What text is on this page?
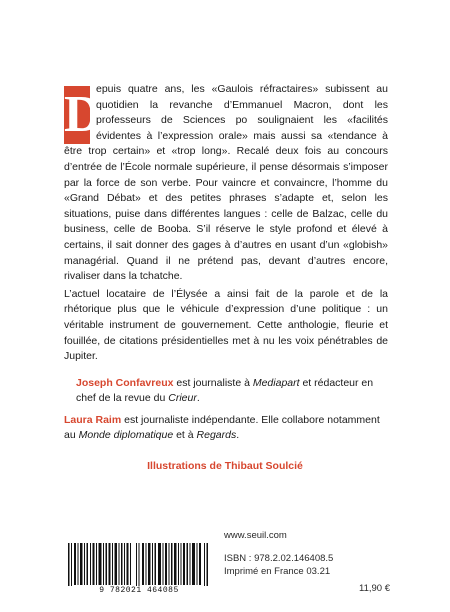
D
epuis quatre ans, les «Gaulois réfractaires» subissent au quotidien la revanche d’Emmanuel Macron, dont les professeurs de Sciences po soulignaient les «facilités évidentes à l’expression orale» mais aussi sa «tendance à être trop certain» et «trop long». Recalé deux fois au concours d’entrée de l’École normale supérieure, il pense désormais s’imposer par la force de son verbe. Pour vaincre et convaincre, l’homme du «Grand Débat» et des petites phrases s’adapte et, selon les situations, puise dans différentes langues : celle de Balzac, celle du business, celle de Booba. S’il réserve le style profond et élevé à certains, il sait donner des gages à d’autres en usant d’un «globish» managérial. Quand il ne prétend pas, devant d’autres encore, rivaliser dans la tchatche.

L’actuel locataire de l’Élysée a ainsi fait de la parole et de la rhétorique plus que le véhicule d’expression d’une politique : un véritable instrument de gouvernement. Cette anthologie, fleurie et fouillée, de citations présidentielles met à nu les voix pénétrables de Jupiter.

Joseph Confavreux est journaliste à Mediapart et rédacteur en chef de la revue du Crieur.

Laura Raim est journaliste indépendante. Elle collabore notamment au Monde diplomatique et à Regards.

Illustrations de Thibaut Soulcié
www.seuil.com
9 782021 464085
ISBN : 978.2.02.146408.5
Imprimé en France 03.21
11,90 €
